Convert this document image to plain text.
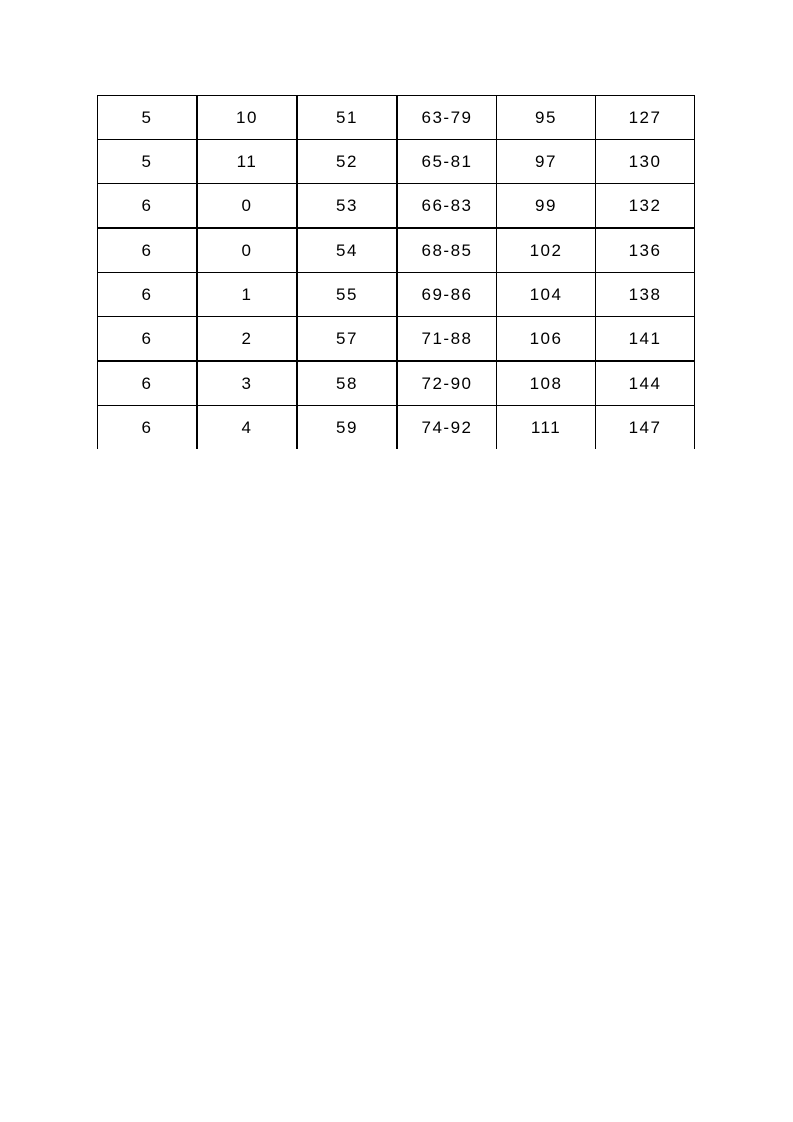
5	10	51	63-79	95	127
5	11	52	65-81	97	130
6	0	53	66-83	99	132
6	0	54	68-85	102	136
6	1	55	69-86	104	138
6	2	57	71-88	106	141
6	3	58	72-90	108	144
6	4	59	74-92	111	147
